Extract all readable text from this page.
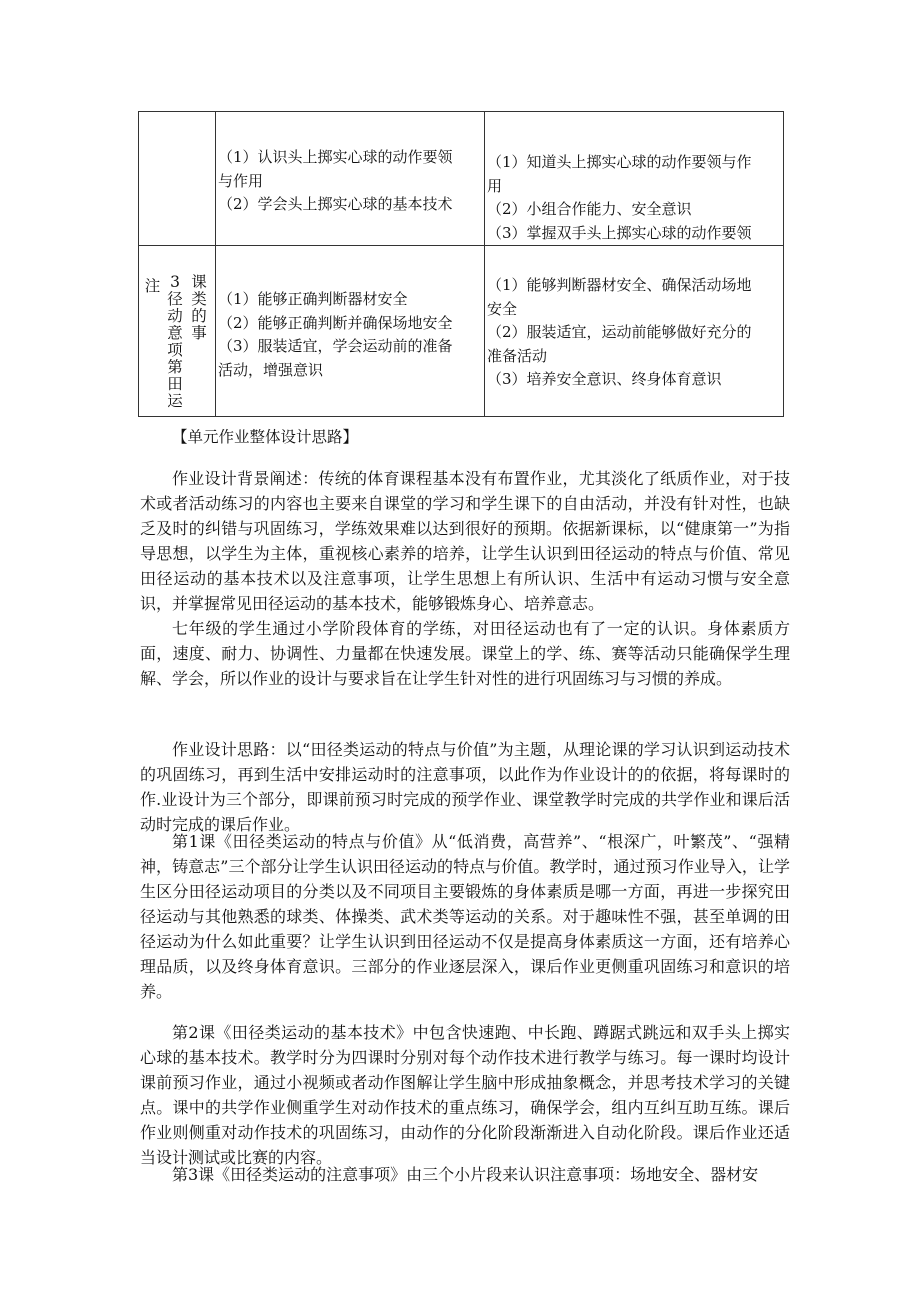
（1）认识头上掷实心球的动作要领
与作用
（2）学会头上掷实心球的基本技术
（1）知道头上掷实心球的动作要领与作
用
（2）小组合作能力、安全意识
（3）掌握双手头上掷实心球的动作要领
注 3径动意项第田运
课类的事
（1）能够正确判断器材安全
（2）能够正确判断并确保场地安全
（3）服装适宜，学会运动前的准备
活动，增强意识
（1）能够判断器材安全、确保活动场地
安全
（2）服装适宜，运动前能够做好充分的
准备活动
（3）培养安全意识、终身体育意识
【单元作业整体设计思路】

作业设计背景阐述：传统的体育课程基本没有布置作业，尤其淡化了纸质作业，对于技术或者活动练习的内容也主要来自课堂的学习和学生课下的自由活动，并没有针对性，也缺乏及时的纠错与巩固练习，学练效果难以达到很好的预期。依据新课标，以“健康第一”为指导思想，以学生为主体，重视核心素养的培养，让学生认识到田径运动的特点与价值、常见田径运动的基本技术以及注意事项，让学生思想上有所认识、生活中有运动习惯与安全意识，并掌握常见田径运动的基本技术，能够锻炼身心、培养意志。

七年级的学生通过小学阶段体育的学练，对田径运动也有了一定的认识。身体素质方面，速度、耐力、协调性、力量都在快速发展。课堂上的学、练、赛等活动只能确保学生理解、学会，所以作业的设计与要求旨在让学生针对性的进行巩固练习与习惯的养成。

作业设计思路：以“田径类运动的特点与价值”为主题，从理论课的学习认识到运动技术的巩固练习，再到生活中安排运动时的注意事项，以此作为作业设计的的依据，将每课时的作.业设计为三个部分，即课前预习时完成的预学作业、课堂教学时完成的共学作业和课后活动时完成的课后作业。

第1课《田径类运动的特点与价值》从“低消费，高营养”、“根深广，叶繁茂”、“强精神，铸意志”三个部分让学生认识田径运动的特点与价值。教学时，通过预习作业导入，让学生区分田径运动项目的分类以及不同项目主要锻炼的身体素质是哪一方面，再进一步探究田径运动与其他熟悉的球类、体操类、武术类等运动的关系。对于趣味性不强，甚至单调的田径运动为什么如此重要？让学生认识到田径运动不仅是提高身体素质这一方面，还有培养心理品质，以及终身体育意识。三部分的作业逐层深入，课后作业更侧重巩固练习和意识的培养。

第2课《田径类运动的基本技术》中包含快速跑、中长跑、蹲踞式跳远和双手头上掷实心球的基本技术。教学时分为四课时分别对每个动作技术进行教学与练习。每一课时均设计课前预习作业，通过小视频或者动作图解让学生脑中形成抽象概念，并思考技术学习的关键点。课中的共学作业侧重学生对动作技术的重点练习，确保学会，组内互纠互助互练。课后作业则侧重对动作技术的巩固练习，由动作的分化阶段渐渐进入自动化阶段。课后作业还适当设计测试或比赛的内容。

第3课《田径类运动的注意事项》由三个小片段来认识注意事项：场地安全、器材安
